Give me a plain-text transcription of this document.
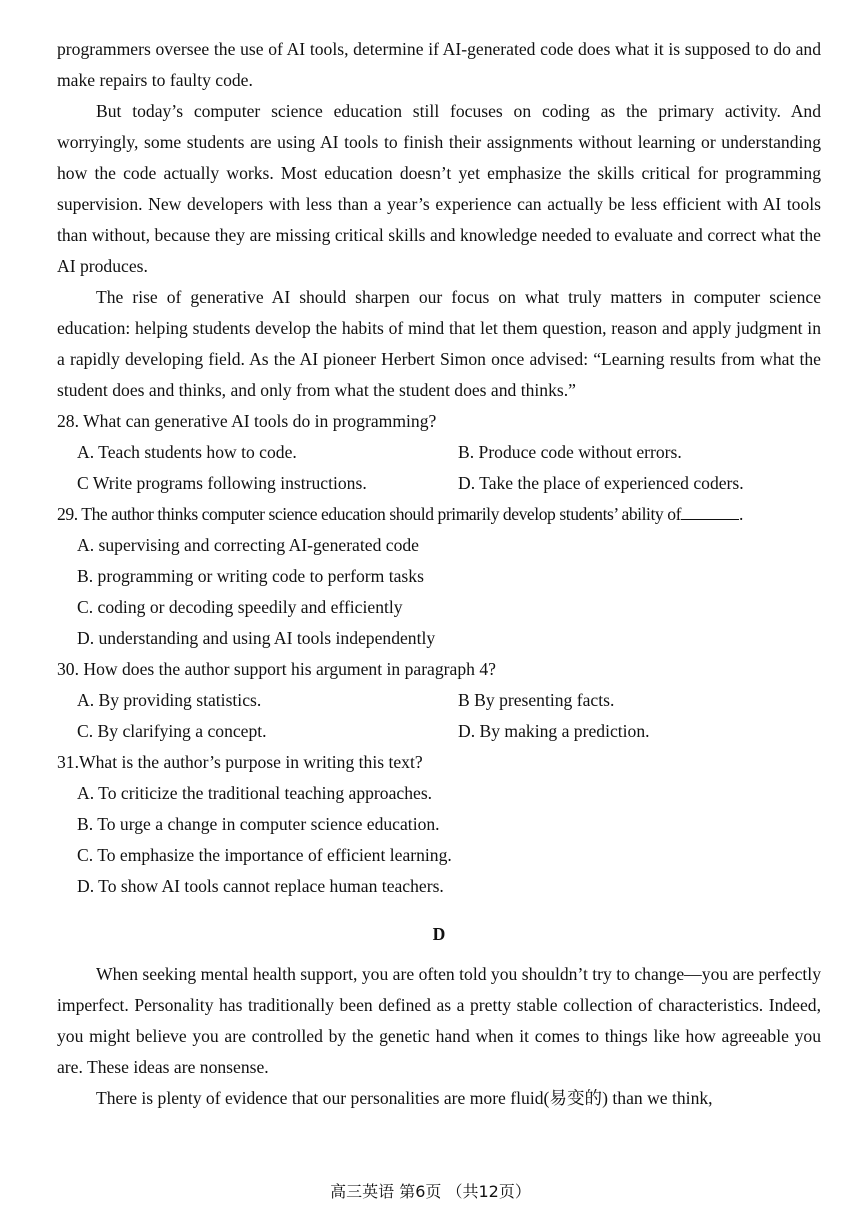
programmers oversee the use of AI tools, determine if AI-generated code does what it is supposed to do and make repairs to faulty code.

But today’s computer science education still focuses on coding as the primary activity. And worryingly, some students are using AI tools to finish their assignments without learning or understanding how the code actually works. Most education doesn’t yet emphasize the skills critical for programming supervision. New developers with less than a year’s experience can actually be less efficient with AI tools than without, because they are missing critical skills and knowledge needed to evaluate and correct what the AI produces.

The rise of generative AI should sharpen our focus on what truly matters in computer science education: helping students develop the habits of mind that let them question, reason and apply judgment in a rapidly developing field. As the AI pioneer Herbert Simon once advised: “Learning results from what the student does and thinks, and only from what the student does and thinks.”

28. What can generative AI tools do in programming?

A. Teach students how to code.	B. Produce code without errors.

C Write programs following instructions.	D. Take the place of experienced coders.

29. The author thinks computer science education should primarily develop students’ ability of	.

A. supervising and correcting AI-generated code

B. programming or writing code to perform tasks

C. coding or decoding speedily and efficiently

D. understanding and using AI tools independently

30. How does the author support his argument in paragraph 4?

A. By providing statistics.	B By presenting facts.

C. By clarifying a concept.	D. By making a prediction.

31.What is the author’s purpose in writing this text?

A. To criticize the traditional teaching approaches.

B. To urge a change in computer science education.

C. To emphasize the importance of efficient learning.

D. To show AI tools cannot replace human teachers.

D

When seeking mental health support, you are often told you shouldn’t try to change—you are perfectly imperfect. Personality has traditionally been defined as a pretty stable collection of characteristics. Indeed, you might believe you are controlled by the genetic hand when it comes to things like how agreeable you are. These ideas are nonsense.

There is plenty of evidence that our personalities are more fluid(易变的) than we think,

高三英语 第6页 （共12页）
